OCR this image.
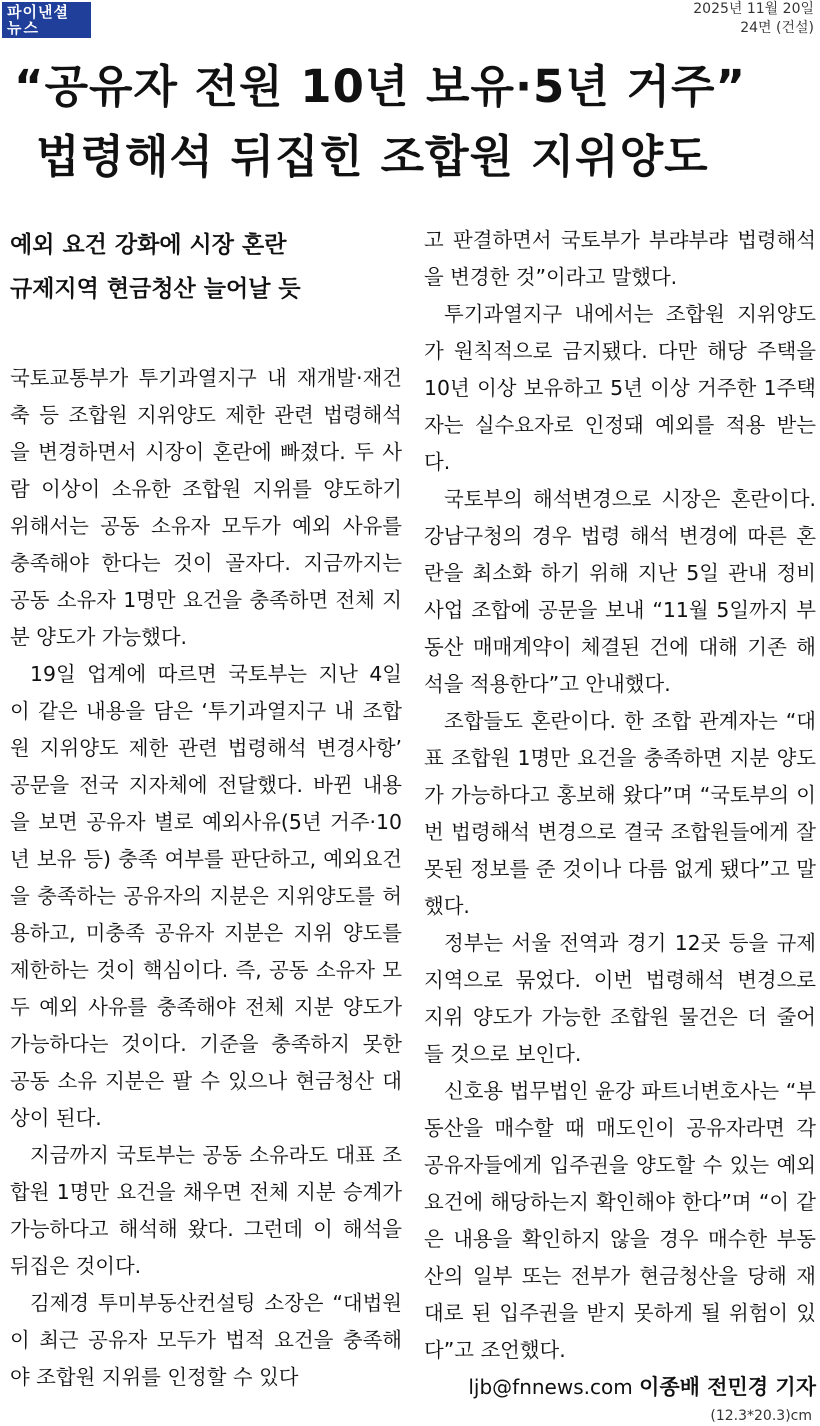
파이낸셜
뉴스
2025년 11월 20일
24면 (건설)
“공유자 전원 10년 보유·5년 거주”
법령해석 뒤집힌 조합원 지위양도
예외 요건 강화에 시장 혼란
규제지역 현금청산 늘어날 듯

국토교통부가 투기과열지구 내 재개발·재건축 등 조합원 지위양도 제한 관련 법령해석을 변경하면서 시장이 혼란에 빠졌다. 두 사람 이상이 소유한 조합원 지위를 양도하기 위해서는 공동 소유자 모두가 예외 사유를 충족해야 한다는 것이 골자다. 지금까지는 공동 소유자 1명만 요건을 충족하면 전체 지분 양도가 가능했다.

19일 업계에 따르면 국토부는 지난 4일 이 같은 내용을 담은 ‘투기과열지구 내 조합원 지위양도 제한 관련 법령해석 변경사항’ 공문을 전국 지자체에 전달했다. 바뀐 내용을 보면 공유자 별로 예외사유(5년 거주·10년 보유 등) 충족 여부를 판단하고, 예외요건을 충족하는 공유자의 지분은 지위양도를 허용하고, 미충족 공유자 지분은 지위 양도를 제한하는 것이 핵심이다. 즉, 공동 소유자 모두 예외 사유를 충족해야 전체 지분 양도가 가능하다는 것이다. 기준을 충족하지 못한 공동 소유 지분은 팔 수 있으나 현금청산 대상이 된다.

지금까지 국토부는 공동 소유라도 대표 조합원 1명만 요건을 채우면 전체 지분 승계가 가능하다고 해석해 왔다. 그런데 이 해석을 뒤집은 것이다.

김제경 투미부동산컨설팅 소장은 “대법원이 최근 공유자 모두가 법적 요건을 충족해야 조합원 지위를 인정할 수 있다

고 판결하면서 국토부가 부랴부랴 법령해석을 변경한 것”이라고 말했다.

투기과열지구 내에서는 조합원 지위양도가 원칙적으로 금지됐다. 다만 해당 주택을 10년 이상 보유하고 5년 이상 거주한 1주택자는 실수요자로 인정돼 예외를 적용 받는다.

국토부의 해석변경으로 시장은 혼란이다. 강남구청의 경우 법령 해석 변경에 따른 혼란을 최소화 하기 위해 지난 5일 관내 정비사업 조합에 공문을 보내 “11월 5일까지 부동산 매매계약이 체결된 건에 대해 기존 해석을 적용한다”고 안내했다.

조합들도 혼란이다. 한 조합 관계자는 “대표 조합원 1명만 요건을 충족하면 지분 양도가 가능하다고 홍보해 왔다”며 “국토부의 이번 법령해석 변경으로 결국 조합원들에게 잘못된 정보를 준 것이나 다름 없게 됐다”고 말했다.

정부는 서울 전역과 경기 12곳 등을 규제지역으로 묶었다. 이번 법령해석 변경으로 지위 양도가 가능한 조합원 물건은 더 줄어들 것으로 보인다.

신호용 법무법인 윤강 파트너변호사는 “부동산을 매수할 때 매도인이 공유자라면 각 공유자들에게 입주권을 양도할 수 있는 예외요건에 해당하는지 확인해야 한다”며 “이 같은 내용을 확인하지 않을 경우 매수한 부동산의 일부 또는 전부가 현금청산을 당해 재대로 된 입주권을 받지 못하게 될 위험이 있다”고 조언했다.

ljb@fnnews.com 이종배 전민경 기자
(12.3*20.3)cm
